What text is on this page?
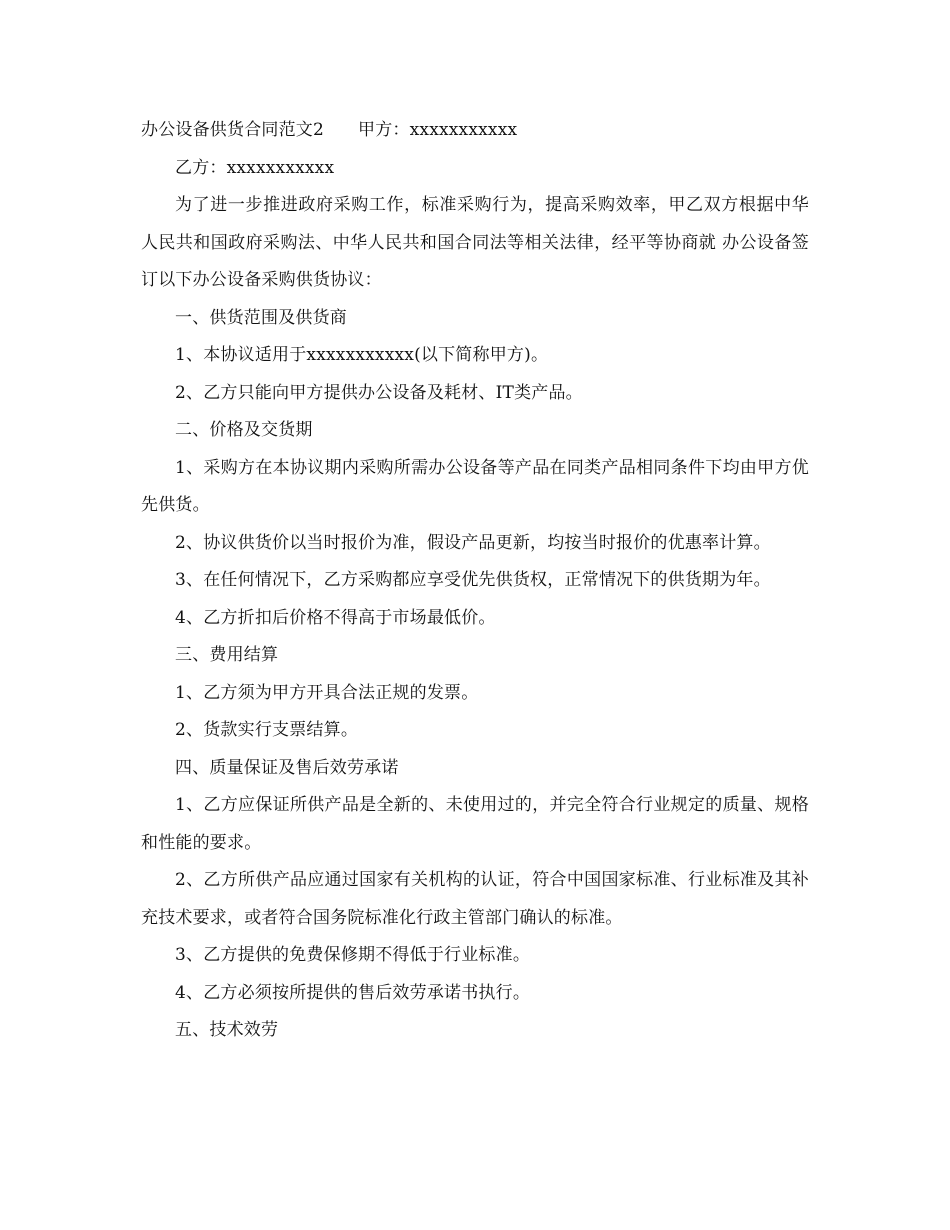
办公设备供货合同范文2 甲方：xxxxxxxxxxx

乙方：xxxxxxxxxxx

为了进一步推进政府采购工作，标准采购行为，提高采购效率，甲乙双方根据中华人民共和国政府采购法、中华人民共和国合同法等相关法律，经平等协商就 办公设备签订以下办公设备采购供货协议：

一、供货范围及供货商

1、本协议适用于xxxxxxxxxxx(以下简称甲方)。

2、乙方只能向甲方提供办公设备及耗材、IT类产品。

二、价格及交货期

1、采购方在本协议期内采购所需办公设备等产品在同类产品相同条件下均由甲方优先供货。

2、协议供货价以当时报价为准，假设产品更新，均按当时报价的优惠率计算。

3、在任何情况下，乙方采购都应享受优先供货权，正常情况下的供货期为年。

4、乙方折扣后价格不得高于市场最低价。

三、费用结算

1、乙方须为甲方开具合法正规的发票。

2、货款实行支票结算。

四、质量保证及售后效劳承诺

1、乙方应保证所供产品是全新的、未使用过的，并完全符合行业规定的质量、规格和性能的要求。

2、乙方所供产品应通过国家有关机构的认证，符合中国国家标准、行业标准及其补充技术要求，或者符合国务院标准化行政主管部门确认的标准。

3、乙方提供的免费保修期不得低于行业标准。

4、乙方必须按所提供的售后效劳承诺书执行。

五、技术效劳
